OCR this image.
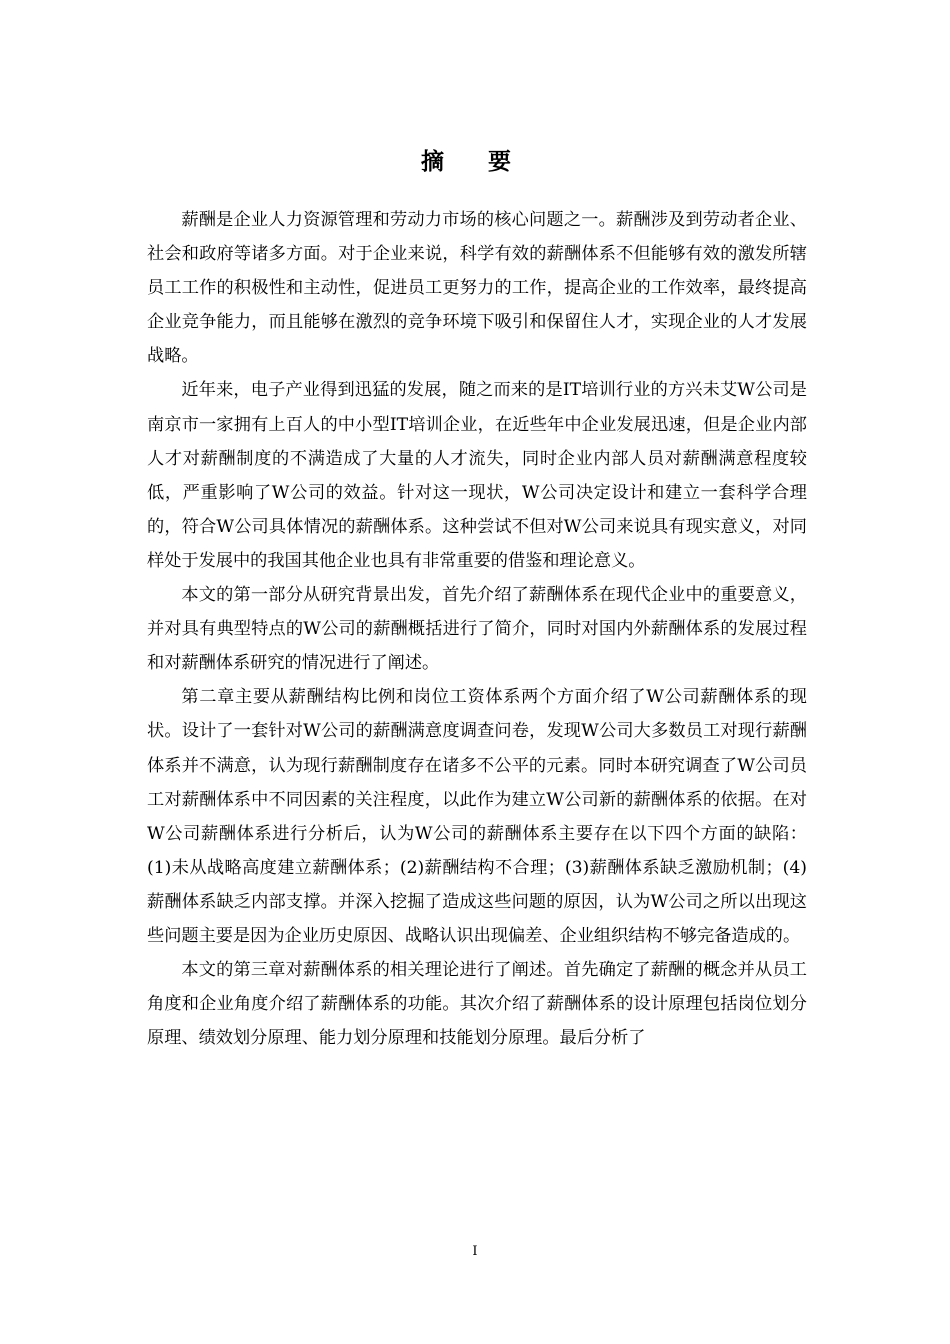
摘 要

薪酬是企业人力资源管理和劳动力市场的核心问题之一。薪酬涉及到劳动者企业、社会和政府等诸多方面。对于企业来说，科学有效的薪酬体系不但能够有效的激发所辖员工工作的积极性和主动性，促进员工更努力的工作，提高企业的工作效率，最终提高企业竞争能力，而且能够在激烈的竞争环境下吸引和保留住人才，实现企业的人才发展战略。

近年来，电子产业得到迅猛的发展，随之而来的是IT培训行业的方兴未艾W公司是南京市一家拥有上百人的中小型IT培训企业，在近些年中企业发展迅速，但是企业内部人才对薪酬制度的不满造成了大量的人才流失，同时企业内部人员对薪酬满意程度较低，严重影响了W公司的效益。针对这一现状，W公司决定设计和建立一套科学合理的，符合W公司具体情况的薪酬体系。这种尝试不但对W公司来说具有现实意义，对同样处于发展中的我国其他企业也具有非常重要的借鉴和理论意义。

本文的第一部分从研究背景出发，首先介绍了薪酬体系在现代企业中的重要意义，并对具有典型特点的W公司的薪酬概括进行了简介，同时对国内外薪酬体系的发展过程和对薪酬体系研究的情况进行了阐述。

第二章主要从薪酬结构比例和岗位工资体系两个方面介绍了W公司薪酬体系的现状。设计了一套针对W公司的薪酬满意度调查问卷，发现W公司大多数员工对现行薪酬体系并不满意，认为现行薪酬制度存在诸多不公平的元素。同时本研究调查了W公司员工对薪酬体系中不同因素的关注程度，以此作为建立W公司新的薪酬体系的依据。在对W公司薪酬体系进行分析后，认为W公司的薪酬体系主要存在以下四个方面的缺陷：(1)未从战略高度建立薪酬体系；(2)薪酬结构不合理；(3)薪酬体系缺乏激励机制；(4)薪酬体系缺乏内部支撑。并深入挖掘了造成这些问题的原因，认为W公司之所以出现这些问题主要是因为企业历史原因、战略认识出现偏差、企业组织结构不够完备造成的。

本文的第三章对薪酬体系的相关理论进行了阐述。首先确定了薪酬的概念并从员工角度和企业角度介绍了薪酬体系的功能。其次介绍了薪酬体系的设计原理包括岗位划分原理、绩效划分原理、能力划分原理和技能划分原理。最后分析了

I
